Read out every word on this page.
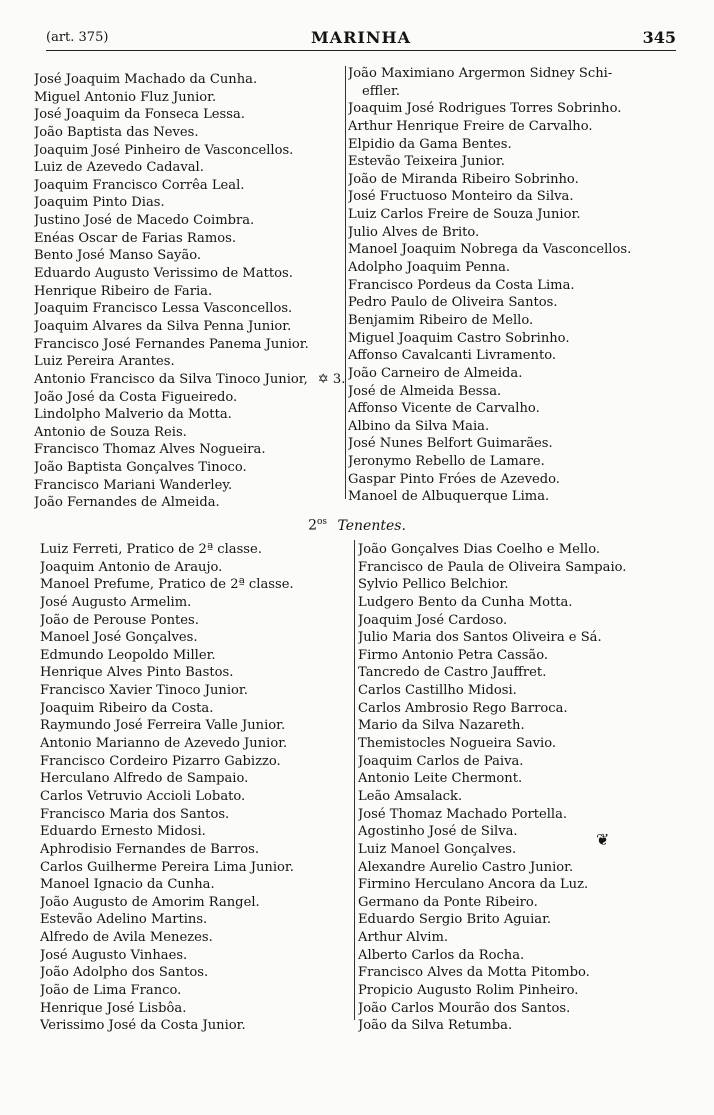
(art. 375)	MARINHA	345
José Joaquim Machado da Cunha.
Miguel Antonio Fluz Junior.
José Joaquim da Fonseca Lessa.
João Baptista das Neves.
Joaquim José Pinheiro de Vasconcellos.
Luiz de Azevedo Cadaval.
Joaquim Francisco Corrêa Leal.
Joaquim Pinto Dias.
Justino José de Macedo Coimbra.
Enéas Oscar de Farias Ramos.
Bento José Manso Sayão.
Eduardo Augusto Verissimo de Mattos.
Henrique Ribeiro de Faria.
Joaquim Francisco Lessa Vasconcellos.
Joaquim Alvares da Silva Penna Junior.
Francisco José Fernandes Panema Junior.
Luiz Pereira Arantes.
Antonio Francisco da Silva Tinoco Junior, ✡ 3.
João José da Costa Figueiredo.
Lindolpho Malverio da Motta.
Antonio de Souza Reis.
Francisco Thomaz Alves Nogueira.
João Baptista Gonçalves Tinoco.
Francisco Mariani Wanderley.
João Fernandes de Almeida.
João Maximiano Argermon Sidney Schi-
effler.
Joaquim José Rodrigues Torres Sobrinho.
Arthur Henrique Freire de Carvalho.
Elpidio da Gama Bentes.
Estevão Teixeira Junior.
João de Miranda Ribeiro Sobrinho.
José Fructuoso Monteiro da Silva.
Luiz Carlos Freire de Souza Junior.
Julio Alves de Brito.
Manoel Joaquim Nobrega da Vasconcellos.
Adolpho Joaquim Penna.
Francisco Pordeus da Costa Lima.
Pedro Paulo de Oliveira Santos.
Benjamim Ribeiro de Mello.
Miguel Joaquim Castro Sobrinho.
Affonso Cavalcanti Livramento.
João Carneiro de Almeida.
José de Almeida Bessa.
Affonso Vicente de Carvalho.
Albino da Silva Maia.
José Nunes Belfort Guimarães.
Jeronymo Rebello de Lamare.
Gaspar Pinto Fróes de Azevedo.
Manoel de Albuquerque Lima.
$2^{os}$ Tenentes.
Luiz Ferreti, Pratico de 2ª classe.
Joaquim Antonio de Araujo.
Manoel Prefume, Pratico de 2ª classe.
José Augusto Armelim.
João de Perouse Pontes.
Manoel José Gonçalves.
Edmundo Leopoldo Miller.
Henrique Alves Pinto Bastos.
Francisco Xavier Tinoco Junior.
Joaquim Ribeiro da Costa.
Raymundo José Ferreira Valle Junior.
Antonio Marianno de Azevedo Junior.
Francisco Cordeiro Pizarro Gabizzo.
Herculano Alfredo de Sampaio.
Carlos Vetruvio Accioli Lobato.
Francisco Maria dos Santos.
Eduardo Ernesto Midosi.
Aphrodisio Fernandes de Barros.
Carlos Guilherme Pereira Lima Junior.
Manoel Ignacio da Cunha.
João Augusto de Amorim Rangel.
Estevão Adelino Martins.
Alfredo de Avila Menezes.
José Augusto Vinhaes.
João Adolpho dos Santos.
João de Lima Franco.
Henrique José Lisbôa.
Verissimo José da Costa Junior.
João Gonçalves Dias Coelho e Mello.
Francisco de Paula de Oliveira Sampaio.
Sylvio Pellico Belchior.
Ludgero Bento da Cunha Motta.
Joaquim José Cardoso.
Julio Maria dos Santos Oliveira e Sá.
Firmo Antonio Petra Cassão.
Tancredo de Castro Jauffret.
Carlos Castillho Midosi.
Carlos Ambrosio Rego Barroca.
Mario da Silva Nazareth.
Themistocles Nogueira Savio.
Joaquim Carlos de Paiva.
Antonio Leite Chermont.
Leão Amsalack.
José Thomaz Machado Portella.
Agostinho José de Silva.
Luiz Manoel Gonçalves.
Alexandre Aurelio Castro Junior.
Firmino Herculano Ancora da Luz.
Germano da Ponte Ribeiro.
Eduardo Sergio Brito Aguiar.
Arthur Alvim.
Alberto Carlos da Rocha.
Francisco Alves da Motta Pitombo.
Propicio Augusto Rolim Pinheiro.
João Carlos Mourão dos Santos.
João da Silva Retumba.
❦
